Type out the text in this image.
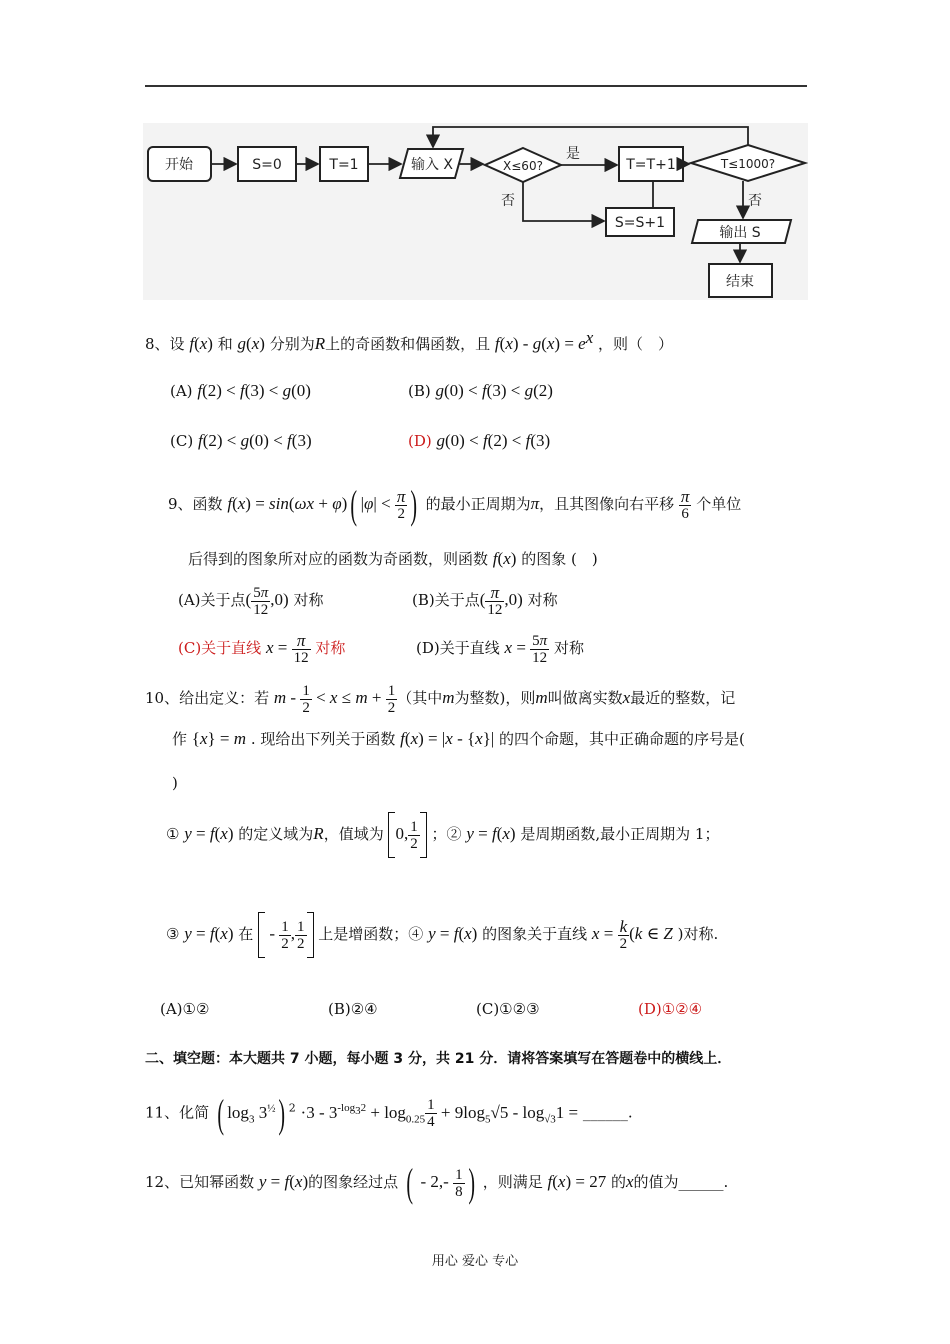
开始	S=0	T=1	输入 X	X≤60?
是
否
T=T+1	T≤1000?
否
S=S+1
输出 S
结束
8、设 f(x) 和 g(x) 分别为R上的奇函数和偶函数，且 $f(x) - g(x) = e^x$ ，则（　）
(A) f(2) < f(3) < g(0)	(B) g(0) < f(3) < g(2)
(C) f(2) < g(0) < f(3)	(D) g(0) < f(2) < f(3)
9、函数 f(x) = sin(ωx + φ)( $|\varphi| < \frac{\pi}{2}$ ) 的最小正周期为π，且其图像向右平移 $\frac{\pi}{6}$ 个单位
后得到的图象所对应的函数为奇函数，则函数 f(x) 的图象 (　)
(A)关于点( $\frac{5\pi}{12} ,0$) 对称	(B)关于点( $\frac{\pi}{12} ,0$) 对称
(C)关于直线 $x = \frac{\pi}{12}$ 对称	(D)关于直线 $x = \frac{5\pi}{12}$ 对称
10、给出定义：若 $m - \frac{1}{2} < x \le m + \frac{1}{2}$ （其中m为整数)，则m叫做离实数x最近的整数，记
作 {x} = m . 现给出下列关于函数 f(x) = |x - {x}| 的四个命题，其中正确命题的序号是(
)
① y = f(x) 的定义域为R，值域为 0, $\frac{1}{2}$ ；② y = f(x) 是周期函数,最小正周期为 1；
③ y = f(x) 在  - $\frac{1}{2}$ , $\frac{1}{2}$ 上是增函数；④ y = f(x) 的图象关于直线 $x = \frac{k}{2} (k$ ∈ Z )对称.
(A)①②	(B)②④	(C)①②③	(D)①②④
二、填空题：本大题共 7 小题，每小题 3 分，共 21 分．请将答案填写在答题卷中的横线上．
11、化简 ( $\log_3 3^{\frac{1}{2}}$) $^2 \cdot 3 - 3^{-log_32} + \log_{0.25} \frac{1}{4} + 9\log_5√5 - \log_{√3}1$ = ______.
12、已知幂函数 y = f(x)的图象经过点 ( - $2,- \frac{1}{8}$ ) ，则满足 f(x) = 27 的x的值为______.
用心 爱心 专心
